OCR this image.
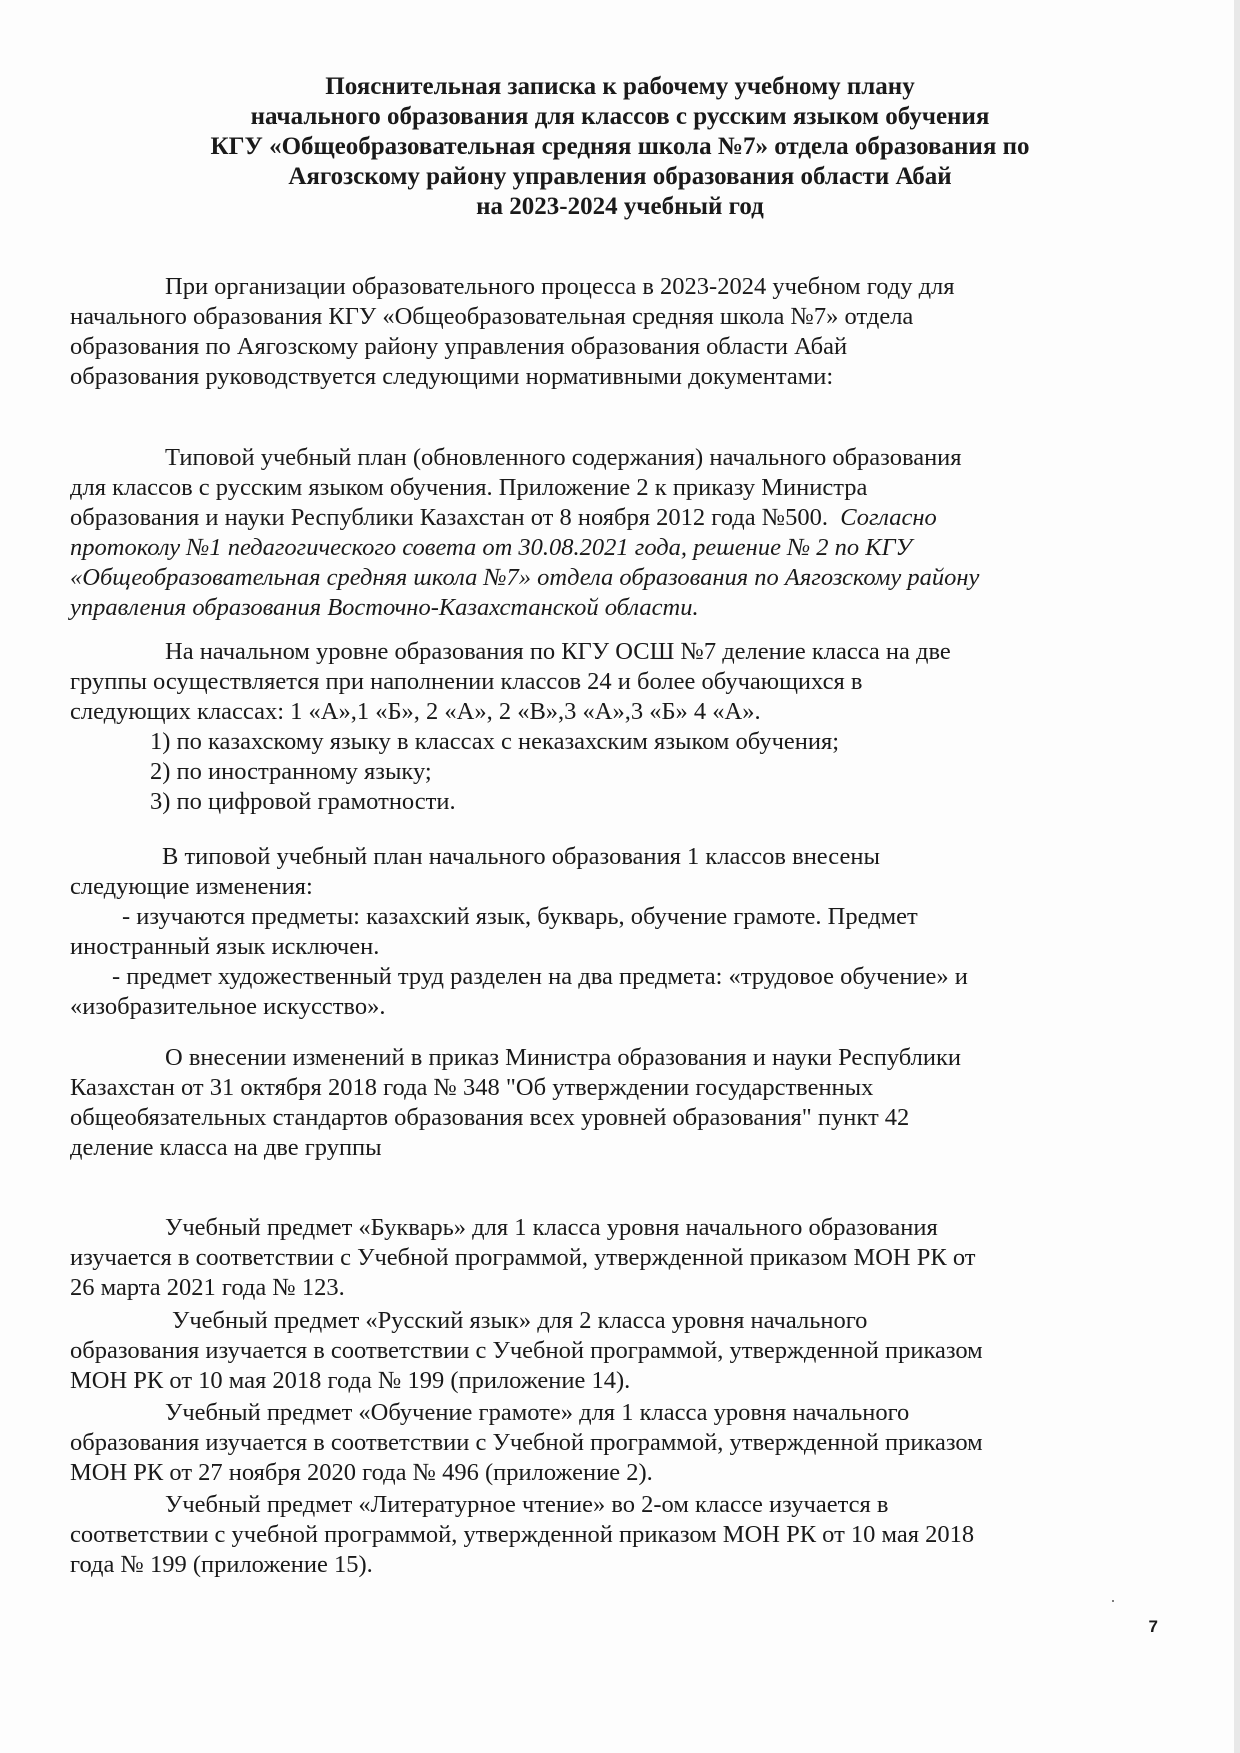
Пояснительная записка к рабочему учебному плану
начального образования для классов с русским языком обучения
КГУ «Общеобразовательная средняя школа №7» отдела образования по
Аягозскому району управления образования области Абай
на 2023-2024 учебный год

При организации образовательного процесса в 2023-2024 учебном году для
начального образования КГУ «Общеобразовательная средняя школа №7» отдела
образования по Аягозскому району управления образования области Абай
образования руководствуется следующими нормативными документами:

Типовой учебный план (обновленного содержания) начального образования
для классов с русским языком обучения. Приложение 2 к приказу Министра
образования и науки Республики Казахстан от 8 ноября 2012 года №500. Согласно
протоколу №1 педагогического совета от 30.08.2021 года, решение № 2 по КГУ
«Общеобразовательная средняя школа №7» отдела образования по Аягозскому району
управления образования Восточно-Казахстанской области.

На начальном уровне образования по КГУ ОСШ №7 деление класса на две
группы осуществляется при наполнении классов 24 и более обучающихся в
следующих классах: 1 «А»,1 «Б», 2 «А», 2 «В»,3 «А»,3 «Б» 4 «А».
1) по казахскому языку в классах с неказахским языком обучения;
2) по иностранному языку;
3) по цифровой грамотности.

В типовой учебный план начального образования 1 классов внесены
следующие изменения:
- изучаются предметы: казахский язык, букварь, обучение грамоте. Предмет
иностранный язык исключен.
- предмет художественный труд разделен на два предмета: «трудовое обучение» и
«изобразительное искусство».

О внесении изменений в приказ Министра образования и науки Республики
Казахстан от 31 октября 2018 года № 348 "Об утверждении государственных
общеобязательных стандартов образования всех уровней образования" пункт 42
деление класса на две группы

Учебный предмет «Букварь» для 1 класса уровня начального образования
изучается в соответствии с Учебной программой, утвержденной приказом МОН РК от
26 марта 2021 года № 123.

Учебный предмет «Русский язык» для 2 класса уровня начального
образования изучается в соответствии с Учебной программой, утвержденной приказом
МОН РК от 10 мая 2018 года № 199 (приложение 14).

Учебный предмет «Обучение грамоте» для 1 класса уровня начального
образования изучается в соответствии с Учебной программой, утвержденной приказом
МОН РК от 27 ноября 2020 года № 496 (приложение 2).

Учебный предмет «Литературное чтение» во 2-ом классе изучается в
соответствии с учебной программой, утвержденной приказом МОН РК от 10 мая 2018
года № 199 (приложение 15).

7
